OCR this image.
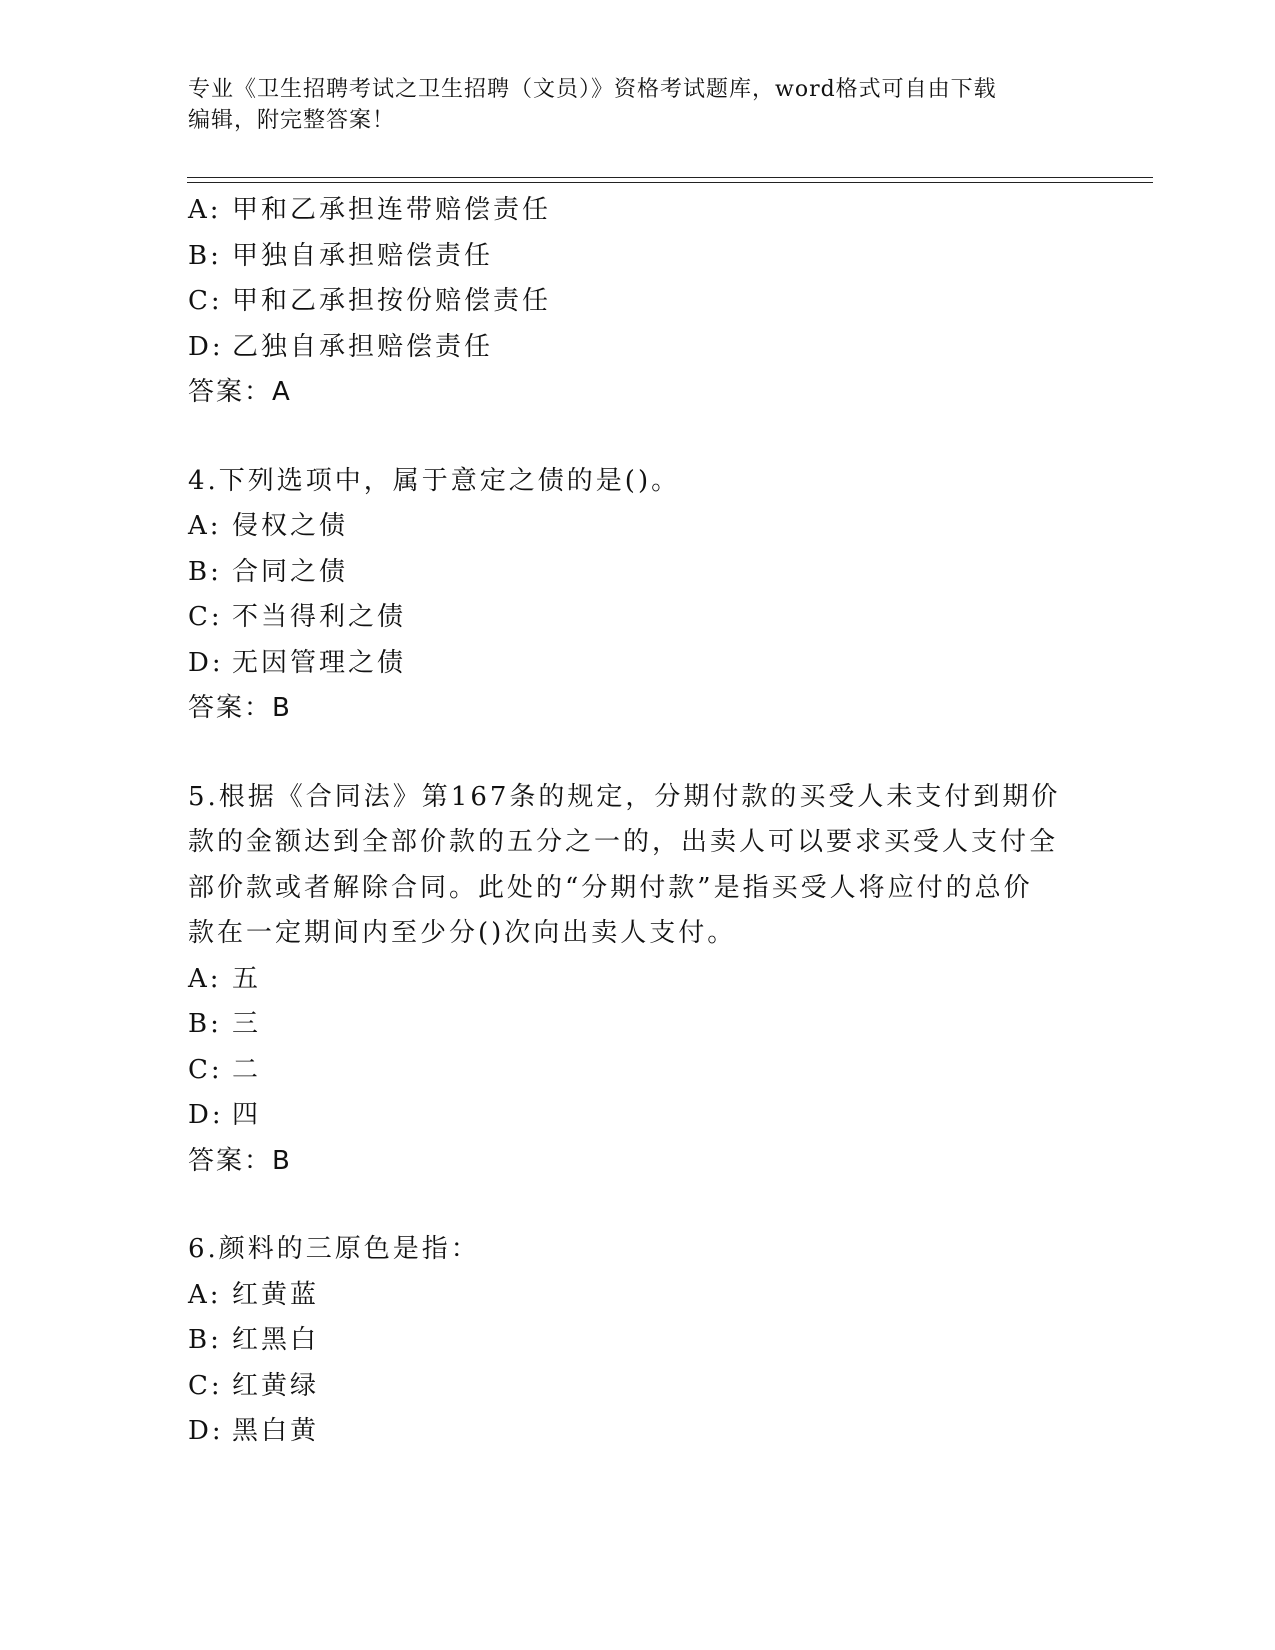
专业《卫生招聘考试之卫生招聘（文员）》资格考试题库，word格式可自由下载
编辑，附完整答案！
A: 甲和乙承担连带赔偿责任
B: 甲独自承担赔偿责任
C: 甲和乙承担按份赔偿责任
D: 乙独自承担赔偿责任
答案：A
4.下列选项中，属于意定之债的是()。
A: 侵权之债
B: 合同之债
C: 不当得利之债
D: 无因管理之债
答案：B
5.根据《合同法》第167条的规定，分期付款的买受人未支付到期价
款的金额达到全部价款的五分之一的，出卖人可以要求买受人支付全
部价款或者解除合同。此处的“分期付款”是指买受人将应付的总价
款在一定期间内至少分()次向出卖人支付。
A: 五
B: 三
C: 二
D: 四
答案：B
6.颜料的三原色是指：
A: 红黄蓝
B: 红黑白
C: 红黄绿
D: 黑白黄
